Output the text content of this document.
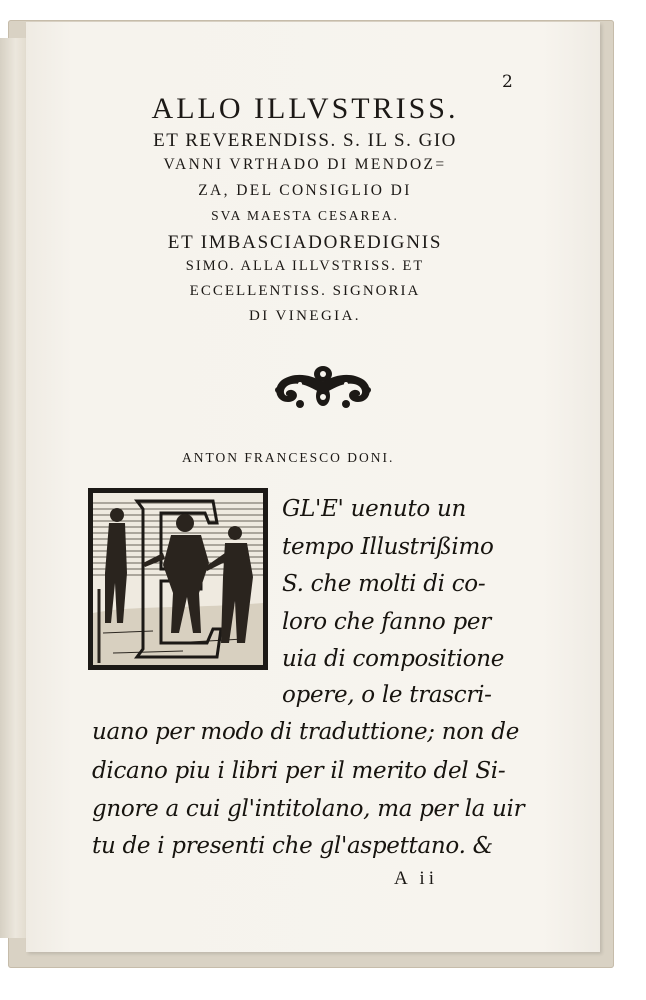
2

ALLO ILLVSTRISS.

ET REVERENDISS. S. IL S. GIO

VANNI VRTHADO DI MENDOZ=

ZA, DEL CONSIGLIO DI

SVA MAESTA CESAREA.

ET IMBASCIADOREDIGNIS

SIMO. ALLA ILLVSTRISS. ET

ECCELLENTISS. SIGNORIA

DI VINEGIA.

ANTON FRANCESCO DONI.
GL'E' uenuto un
tempo Illustrißimo
S. che molti di co-
loro che fanno per
uia di compositione
opere, o le trascri-
uano per modo di traduttione; non de
dicano piu i libri per il merito del Si-
gnore a cui gl'intitolano, ma per la uir
tu de i presenti che gl'aspettano. &
A ii
